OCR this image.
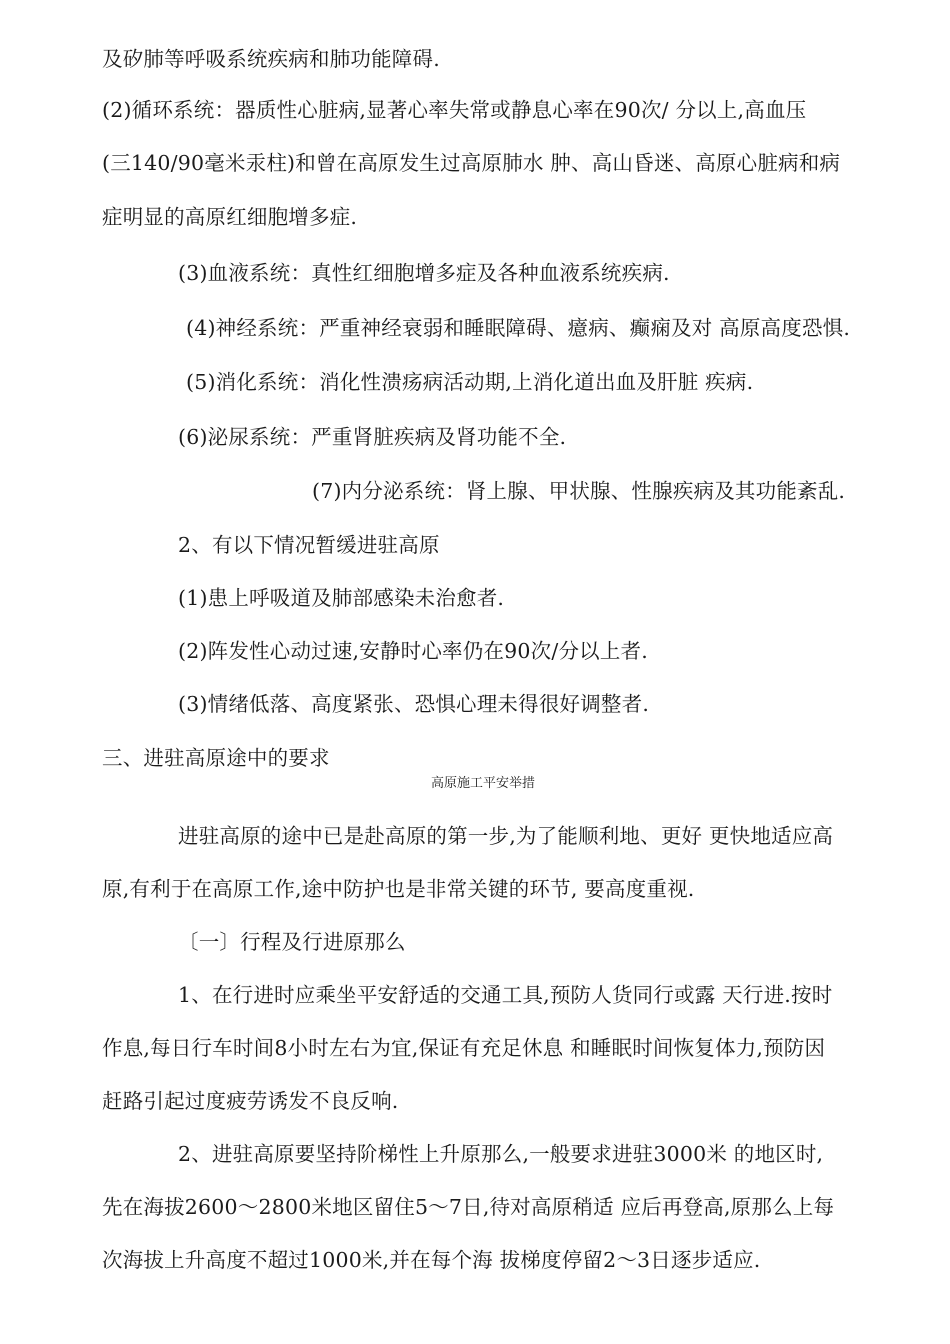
及矽肺等呼吸系统疾病和肺功能障碍.
(2)循环系统：器质性心脏病,显著心率失常或静息心率在90次/ 分以上,高血压
(三140/90毫米汞柱)和曾在高原发生过高原肺水 肿、高山昏迷、高原心脏病和病
症明显的高原红细胞增多症.
(3)血液系统：真性红细胞增多症及各种血液系统疾病.
(4)神经系统：严重神经衰弱和睡眠障碍、癔病、癫痫及对 高原高度恐惧.
(5)消化系统：消化性溃疡病活动期,上消化道出血及肝脏 疾病.
(6)泌尿系统：严重肾脏疾病及肾功能不全.
(7)内分泌系统：肾上腺、甲状腺、性腺疾病及其功能紊乱.
2、有以下情况暂缓进驻高原
(1)患上呼吸道及肺部感染未治愈者.
(2)阵发性心动过速,安静时心率仍在90次/分以上者.
(3)情绪低落、高度紧张、恐惧心理未得很好调整者.
三、进驻高原途中的要求
高原施工平安举措
进驻高原的途中已是赴高原的第一步,为了能顺利地、更好 更快地适应高
原,有利于在高原工作,途中防护也是非常关键的环节, 要高度重视.
〔一〕行程及行进原那么
1、在行进时应乘坐平安舒适的交通工具,预防人货同行或露 天行进.按时
作息,每日行车时间8小时左右为宜,保证有充足休息 和睡眠时间恢复体力,预防因
赶路引起过度疲劳诱发不良反响.
2、进驻高原要坚持阶梯性上升原那么,一般要求进驻3000米 的地区时,
先在海拔2600〜2800米地区留住5〜7日,待对高原稍适 应后再登高,原那么上每
次海拔上升高度不超过1000米,并在每个海 拔梯度停留2〜3日逐步适应.
